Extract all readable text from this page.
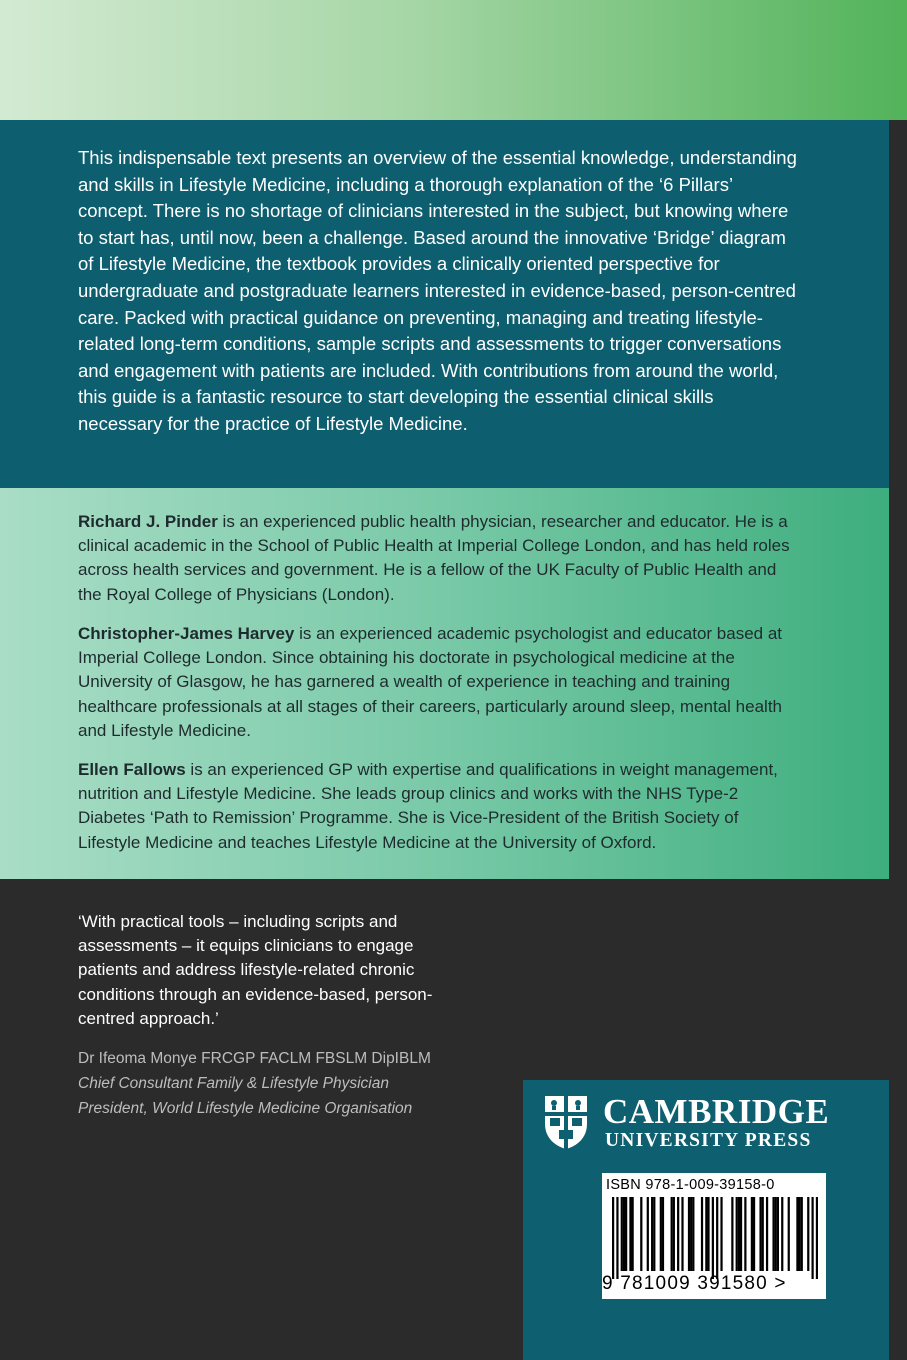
This indispensable text presents an overview of the essential knowledge, understanding and skills in Lifestyle Medicine, including a thorough explanation of the ‘6 Pillars’ concept. There is no shortage of clinicians interested in the subject, but knowing where to start has, until now, been a challenge. Based around the innovative ‘Bridge’ diagram of Lifestyle Medicine, the textbook provides a clinically oriented perspective for undergraduate and postgraduate learners interested in evidence-based, person-centred care. Packed with practical guidance on preventing, managing and treating lifestyle-related long-term conditions, sample scripts and assessments to trigger conversations and engagement with patients are included. With contributions from around the world, this guide is a fantastic resource to start developing the essential clinical skills necessary for the practice of Lifestyle Medicine.

Richard J. Pinder is an experienced public health physician, researcher and educator. He is a clinical academic in the School of Public Health at Imperial College London, and has held roles across health services and government. He is a fellow of the UK Faculty of Public Health and the Royal College of Physicians (London).

Christopher-James Harvey is an experienced academic psychologist and educator based at Imperial College London. Since obtaining his doctorate in psychological medicine at the University of Glasgow, he has garnered a wealth of experience in teaching and training healthcare professionals at all stages of their careers, particularly around sleep, mental health and Lifestyle Medicine.

Ellen Fallows is an experienced GP with expertise and qualifications in weight management, nutrition and Lifestyle Medicine. She leads group clinics and works with the NHS Type-2 Diabetes ‘Path to Remission’ Programme. She is Vice-President of the British Society of Lifestyle Medicine and teaches Lifestyle Medicine at the University of Oxford.

‘With practical tools – including scripts and assessments – it equips clinicians to engage patients and address lifestyle-related chronic conditions through an evidence-based, person-centred approach.’

Dr Ifeoma Monye FRCGP FACLM FBSLM DipIBLM
Chief Consultant Family & Lifestyle Physician
President, World Lifestyle Medicine Organisation	CAMBRIDGE
UNIVERSITY PRESS
ISBN 978-1-009-39158-0
9 781009 391580 >
